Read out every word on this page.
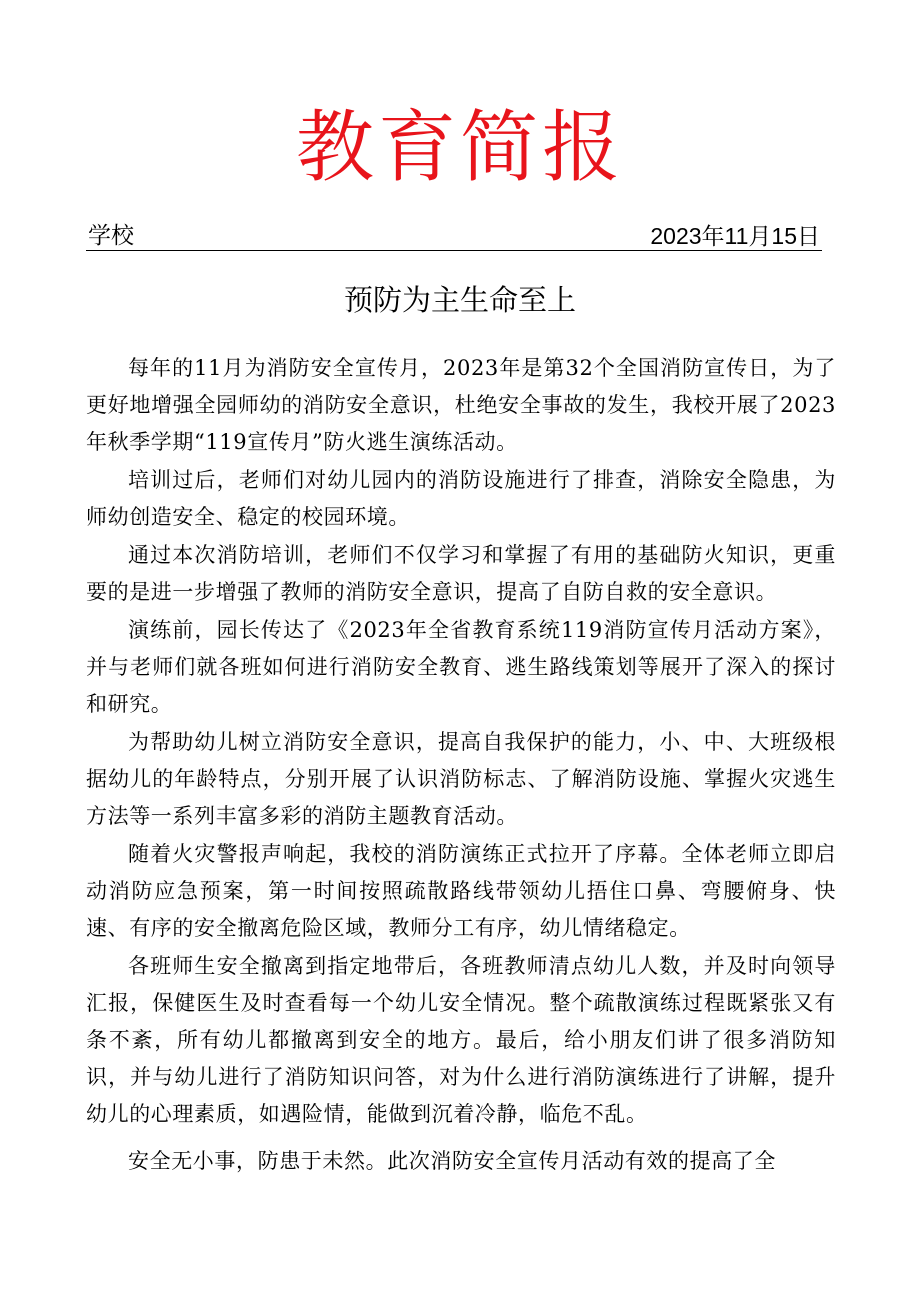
教育简报
学校	2023年11月15日
预防为主生命至上

每年的11月为消防安全宣传月，2023年是第32个全国消防宣传日，为了更好地增强全园师幼的消防安全意识，杜绝安全事故的发生，我校开展了2023年秋季学期“119宣传月”防火逃生演练活动。

培训过后，老师们对幼儿园内的消防设施进行了排查，消除安全隐患，为师幼创造安全、稳定的校园环境。

通过本次消防培训，老师们不仅学习和掌握了有用的基础防火知识，更重要的是进一步增强了教师的消防安全意识，提高了自防自救的安全意识。

演练前，园长传达了《2023年全省教育系统119消防宣传月活动方案》，并与老师们就各班如何进行消防安全教育、逃生路线策划等展开了深入的探讨和研究。

为帮助幼儿树立消防安全意识，提高自我保护的能力，小、中、大班级根据幼儿的年龄特点，分别开展了认识消防标志、了解消防设施、掌握火灾逃生方法等一系列丰富多彩的消防主题教育活动。

随着火灾警报声响起，我校的消防演练正式拉开了序幕。全体老师立即启动消防应急预案，第一时间按照疏散路线带领幼儿捂住口鼻、弯腰俯身、快速、有序的安全撤离危险区域，教师分工有序，幼儿情绪稳定。

各班师生安全撤离到指定地带后，各班教师清点幼儿人数，并及时向领导汇报，保健医生及时查看每一个幼儿安全情况。整个疏散演练过程既紧张又有条不紊，所有幼儿都撤离到安全的地方。最后，给小朋友们讲了很多消防知识，并与幼儿进行了消防知识问答，对为什么进行消防演练进行了讲解，提升幼儿的心理素质，如遇险情，能做到沉着冷静，临危不乱。

安全无小事，防患于未然。此次消防安全宣传月活动有效的提高了全
